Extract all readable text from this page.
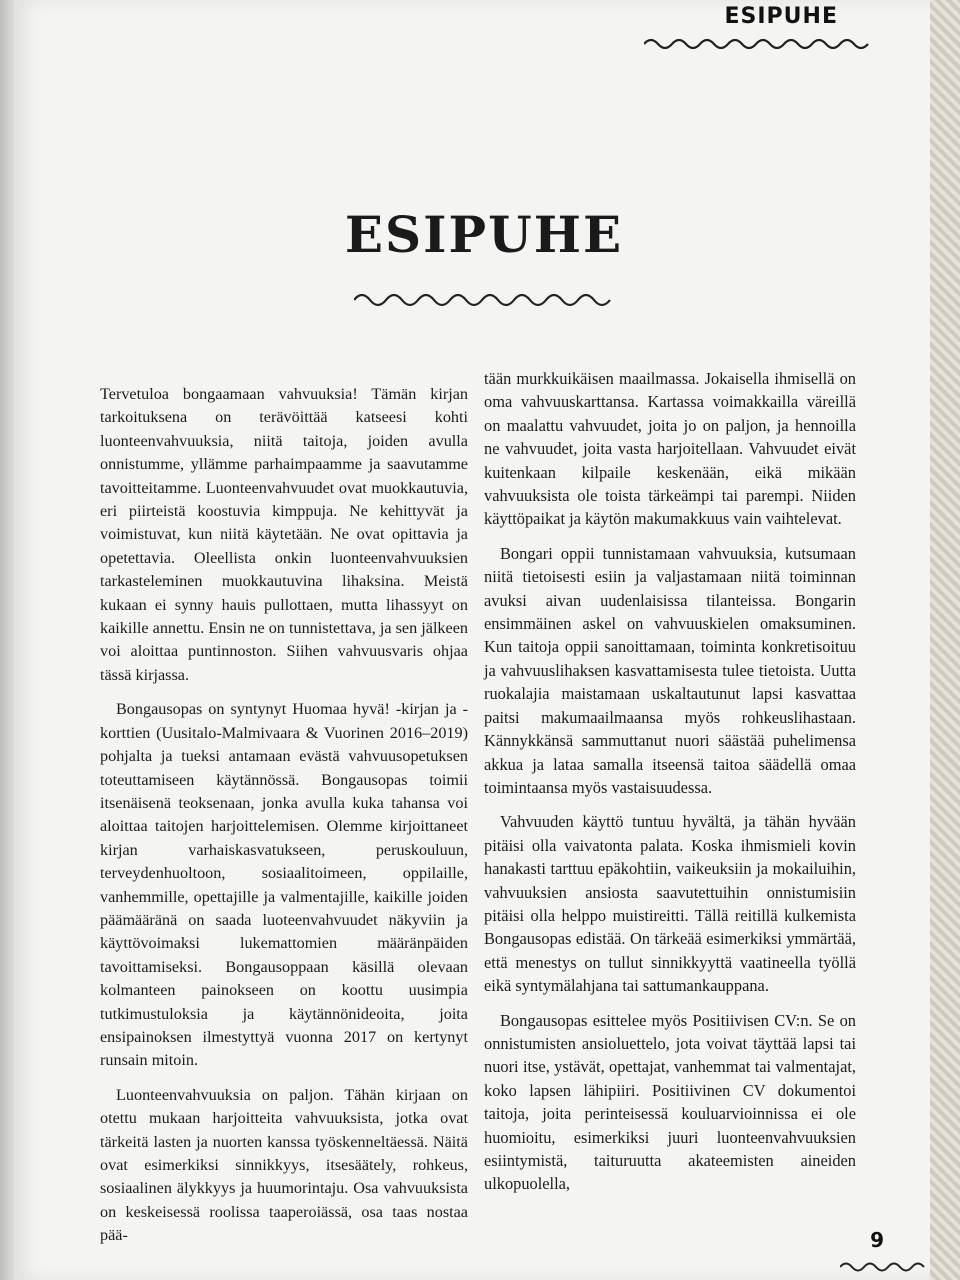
ESIPUHE
ESIPUHE

Tervetuloa bongaamaan vahvuuksia! Tämän kirjan tarkoituksena on terävöittää katseesi kohti luonteenvahvuuksia, niitä taitoja, joiden avulla onnistumme, yllämme parhaimpaamme ja saavutamme tavoitteitamme. Luonteenvahvuudet ovat muokkautuvia, eri piirteistä koostuvia kimppuja. Ne kehittyvät ja voimistuvat, kun niitä käytetään. Ne ovat opittavia ja opetettavia. Oleellista onkin luonteenvahvuuksien tarkasteleminen muokkautuvina lihaksina. Meistä kukaan ei synny hauis pullottaen, mutta lihassyyt on kaikille annettu. Ensin ne on tunnistettava, ja sen jälkeen voi aloittaa puntinnoston. Siihen vahvuusvaris ohjaa tässä kirjassa.

Bongausopas on syntynyt Huomaa hyvä! -kirjan ja -korttien (Uusitalo-Malmivaara & Vuorinen 2016–2019) pohjalta ja tueksi antamaan evästä vahvuusopetuksen toteuttamiseen käytännössä. Bongausopas toimii itsenäisenä teoksenaan, jonka avulla kuka tahansa voi aloittaa taitojen harjoittelemisen. Olemme kirjoittaneet kirjan varhaiskasvatukseen, peruskouluun, terveydenhuoltoon, sosiaalitoimeen, oppilaille, vanhemmille, opettajille ja valmentajille, kaikille joiden päämääränä on saada luoteenvahvuudet näkyviin ja käyttövoimaksi lukemattomien määränpäiden tavoittamiseksi. Bongausoppaan käsillä olevaan kolmanteen painokseen on koottu uusimpia tutkimustuloksia ja käytännönideoita, joita ensipainoksen ilmestyttyä vuonna 2017 on kertynyt runsain mitoin.

Luonteenvahvuuksia on paljon. Tähän kirjaan on otettu mukaan harjoitteita vahvuuksista, jotka ovat tärkeitä lasten ja nuorten kanssa työskenneltäessä. Näitä ovat esimerkiksi sinnikkyys, itsesäätely, rohkeus, sosiaalinen älykkyys ja huumorintaju. Osa vahvuuksista on keskeisessä roolissa taaperoiässä, osa taas nostaa pää-

tään murkkuikäisen maailmassa. Jokaisella ihmisellä on oma vahvuuskarttansa. Kartassa voimakkailla väreillä on maalattu vahvuudet, joita jo on paljon, ja hennoilla ne vahvuudet, joita vasta harjoitellaan. Vahvuudet eivät kuitenkaan kilpaile keskenään, eikä mikään vahvuuksista ole toista tärkeämpi tai parempi. Niiden käyttöpaikat ja käytön makumakkuus vain vaihtelevat.

Bongari oppii tunnistamaan vahvuuksia, kutsumaan niitä tietoisesti esiin ja valjastamaan niitä toiminnan avuksi aivan uudenlaisissa tilanteissa. Bongarin ensimmäinen askel on vahvuuskielen omaksuminen. Kun taitoja oppii sanoittamaan, toiminta konkretisoituu ja vahvuuslihaksen kasvattamisesta tulee tietoista. Uutta ruokalajia maistamaan uskaltautunut lapsi kasvattaa paitsi makumaailmaansa myös rohkeuslihastaan. Kännykkänsä sammuttanut nuori säästää puhelimensa akkua ja lataa samalla itseensä taitoa säädellä omaa toimintaansa myös vastaisuudessa.

Vahvuuden käyttö tuntuu hyvältä, ja tähän hyvään pitäisi olla vaivatonta palata. Koska ihmismieli kovin hanakasti tarttuu epäkohtiin, vaikeuksiin ja mokailuihin, vahvuuksien ansiosta saavutettuihin onnistumisiin pitäisi olla helppo muistireitti. Tällä reitillä kulkemista Bongausopas edistää. On tärkeää esimerkiksi ymmärtää, että menestys on tullut sinnikkyyttä vaatineella työllä eikä syntymälahjana tai sattumankauppana.

Bongausopas esittelee myös Positiivisen CV:n. Se on onnistumisten ansioluettelo, jota voivat täyttää lapsi tai nuori itse, ystävät, opettajat, vanhemmat tai valmentajat, koko lapsen lähipiiri. Positiivinen CV dokumentoi taitoja, joita perinteisessä kouluarvioinnissa ei ole huomioitu, esimerkiksi juuri luonteenvahvuuksien esiintymistä, taituruutta akateemisten aineiden ulkopuolella,

9
